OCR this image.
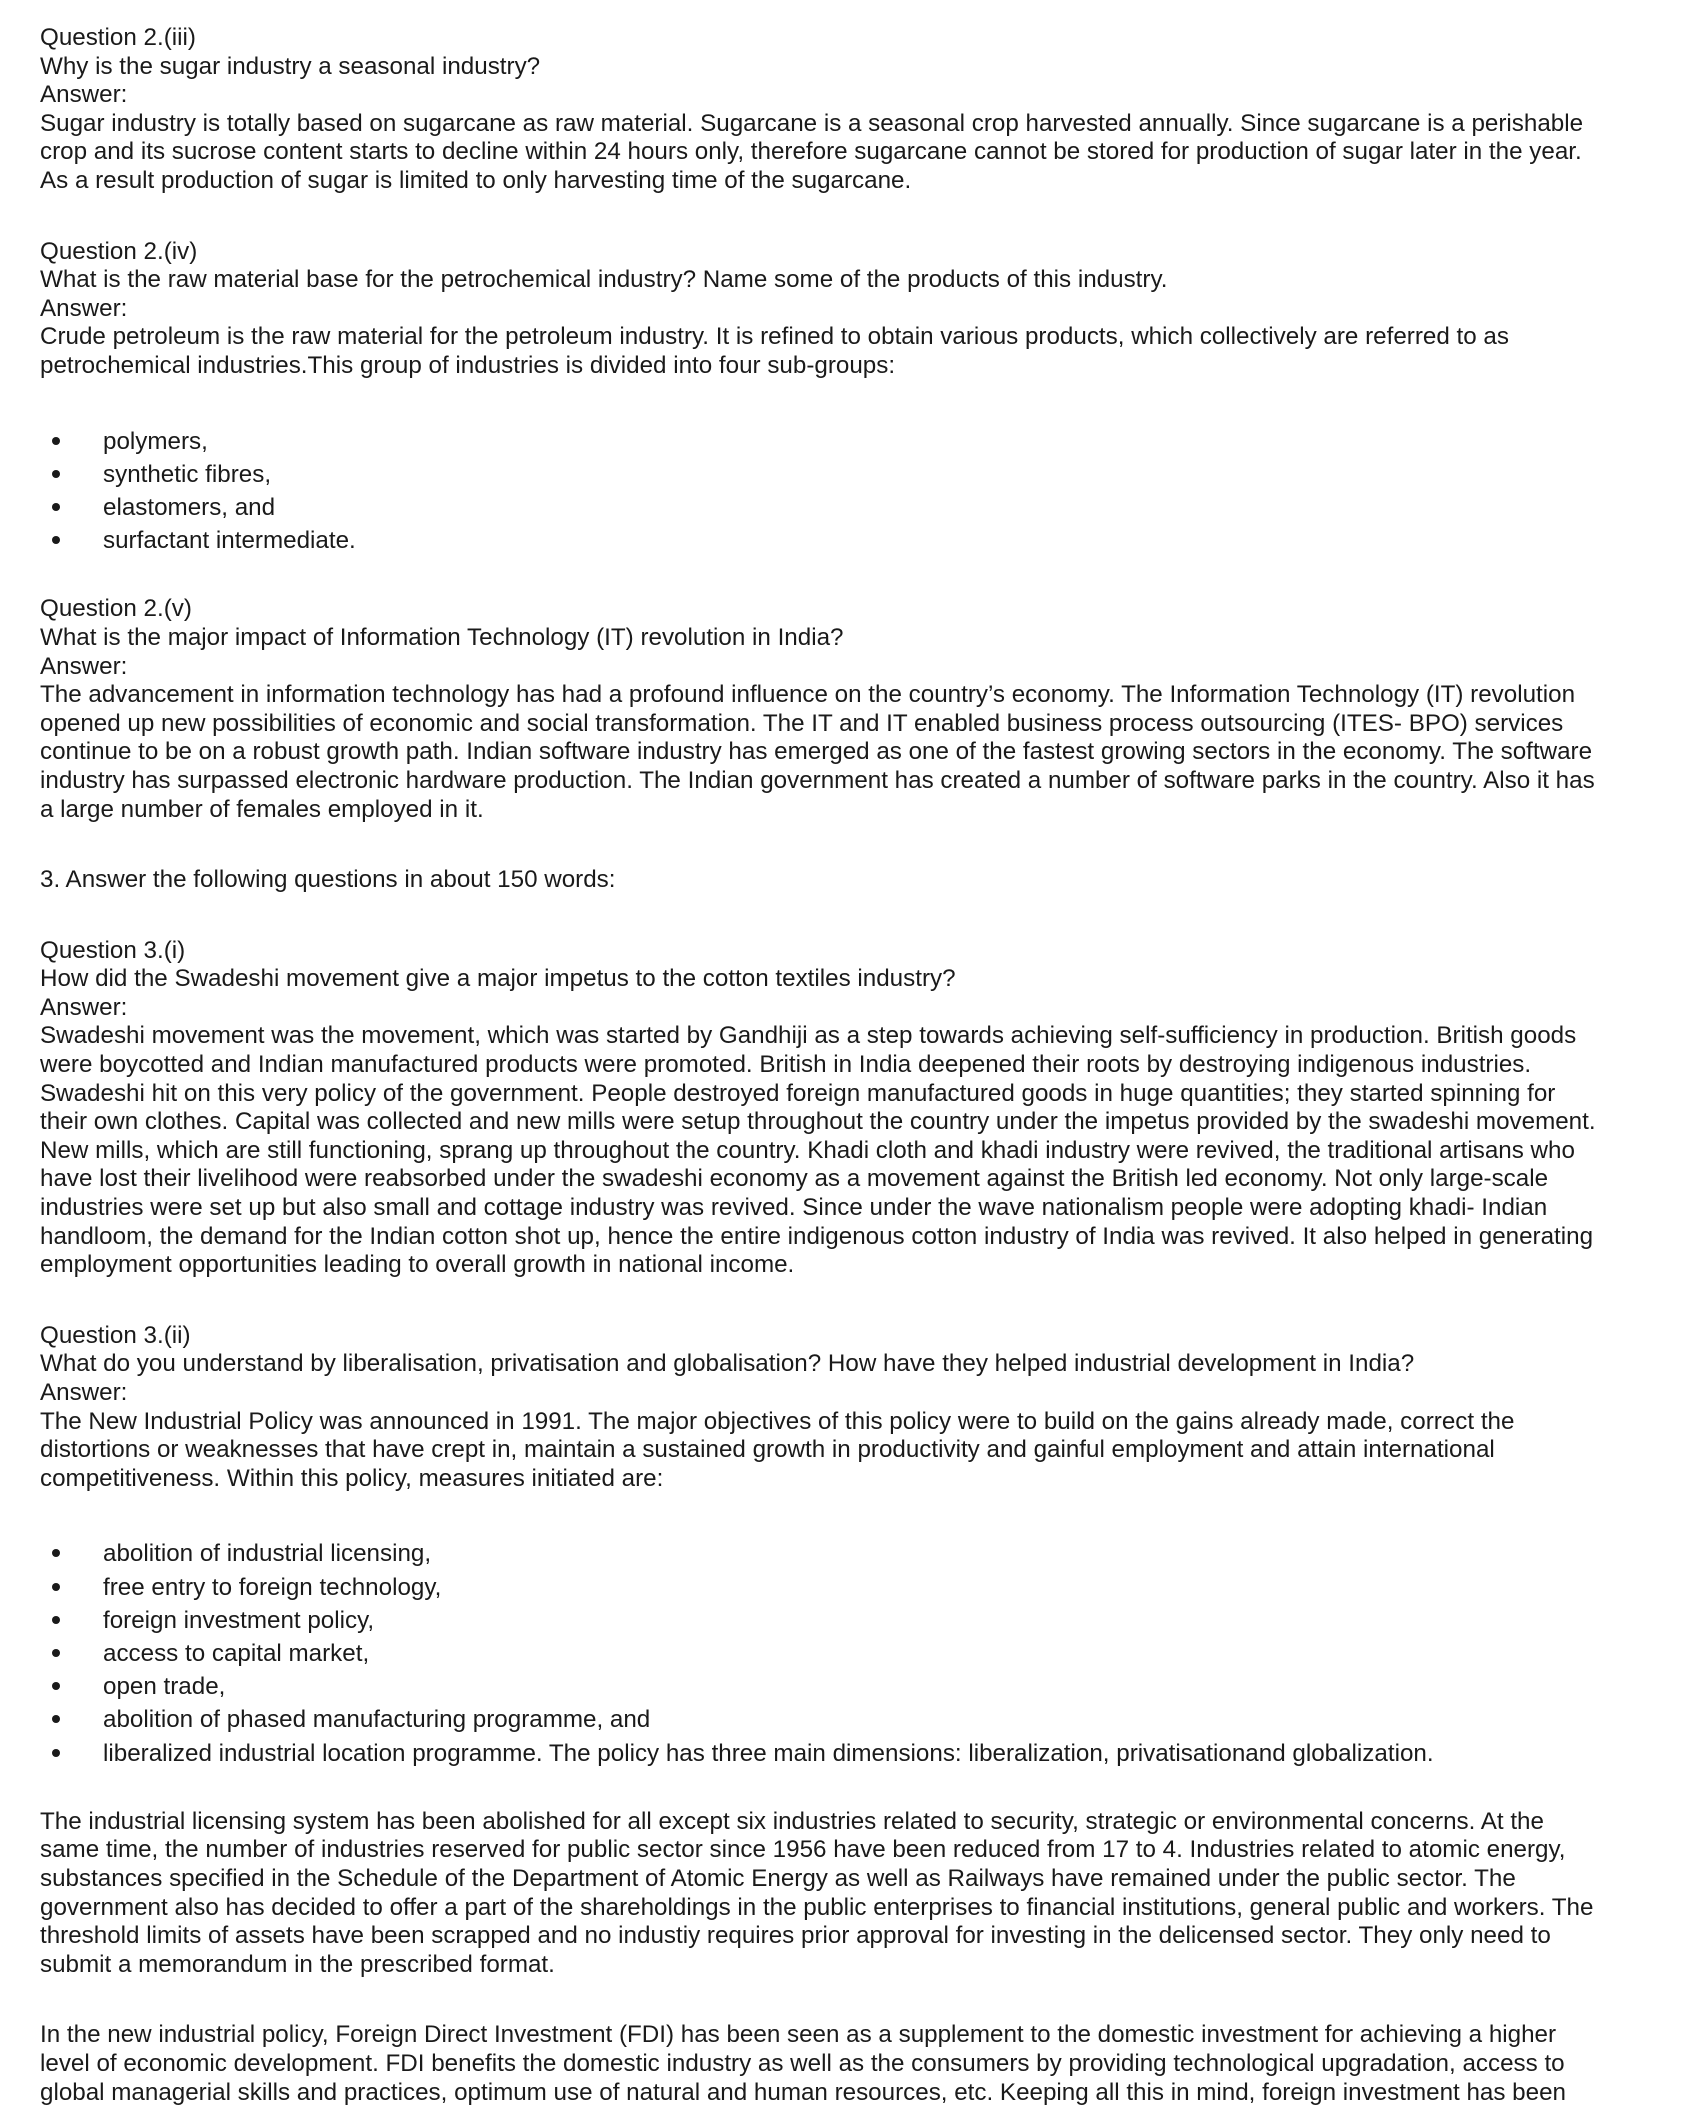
Question 2.(iii)
Why is the sugar industry a seasonal industry?
Answer:
Sugar industry is totally based on sugarcane as raw material. Sugarcane is a seasonal crop harvested annually. Since sugarcane is a perishable
crop and its sucrose content starts to decline within 24 hours only, therefore sugarcane cannot be stored for production of sugar later in the year.
As a result production of sugar is limited to only harvesting time of the sugarcane.
Question 2.(iv)
What is the raw material base for the petrochemical industry? Name some of the products of this industry.
Answer:
Crude petroleum is the raw material for the petroleum industry. It is refined to obtain various products, which collectively are referred to as
petrochemical industries.This group of industries is divided into four sub-groups:
polymers,
synthetic fibres,
elastomers, and
surfactant intermediate.
Question 2.(v)
What is the major impact of Information Technology (IT) revolution in India?
Answer:
The advancement in information technology has had a profound influence on the country’s economy. The Information Technology (IT) revolution
opened up new possibilities of economic and social transformation. The IT and IT enabled business process outsourcing (ITES- BPO) services
continue to be on a robust growth path. Indian software industry has emerged as one of the fastest growing sectors in the economy. The software
industry has surpassed electronic hardware production. The Indian government has created a number of software parks in the country. Also it has
a large number of females employed in it.
3. Answer the following questions in about 150 words:
Question 3.(i)
How did the Swadeshi movement give a major impetus to the cotton textiles industry?
Answer:
Swadeshi movement was the movement, which was started by Gandhiji as a step towards achieving self-sufficiency in production. British goods
were boycotted and Indian manufactured products were promoted. British in India deepened their roots by destroying indigenous industries.
Swadeshi hit on this very policy of the government. People destroyed foreign manufactured goods in huge quantities; they started spinning for
their own clothes. Capital was collected and new mills were setup throughout the country under the impetus provided by the swadeshi movement.
New mills, which are still functioning, sprang up throughout the country. Khadi cloth and khadi industry were revived, the traditional artisans who
have lost their livelihood were reabsorbed under the swadeshi economy as a movement against the British led economy. Not only large-scale
industries were set up but also small and cottage industry was revived. Since under the wave nationalism people were adopting khadi- Indian
handloom, the demand for the Indian cotton shot up, hence the entire indigenous cotton industry of India was revived. It also helped in generating
employment opportunities leading to overall growth in national income.
Question 3.(ii)
What do you understand by liberalisation, privatisation and globalisation? How have they helped industrial development in India?
Answer:
The New Industrial Policy was announced in 1991. The major objectives of this policy were to build on the gains already made, correct the
distortions or weaknesses that have crept in, maintain a sustained growth in productivity and gainful employment and attain international
competitiveness. Within this policy, measures initiated are:
abolition of industrial licensing,
free entry to foreign technology,
foreign investment policy,
access to capital market,
open trade,
abolition of phased manufacturing programme, and
liberalized industrial location programme. The policy has three main dimensions: liberalization, privatisationand globalization.
The industrial licensing system has been abolished for all except six industries related to security, strategic or environmental concerns. At the
same time, the number of industries reserved for public sector since 1956 have been reduced from 17 to 4. Industries related to atomic energy,
substances specified in the Schedule of the Department of Atomic Energy as well as Railways have remained under the public sector. The
government also has decided to offer a part of the shareholdings in the public enterprises to financial institutions, general public and workers. The
threshold limits of assets have been scrapped and no industiy requires prior approval for investing in the delicensed sector. They only need to
submit a memorandum in the prescribed format.
In the new industrial policy, Foreign Direct Investment (FDI) has been seen as a supplement to the domestic investment for achieving a higher
level of economic development. FDI benefits the domestic industry as well as the consumers by providing technological upgradation, access to
global managerial skills and practices, optimum use of natural and human resources, etc. Keeping all this in mind, foreign investment has been
